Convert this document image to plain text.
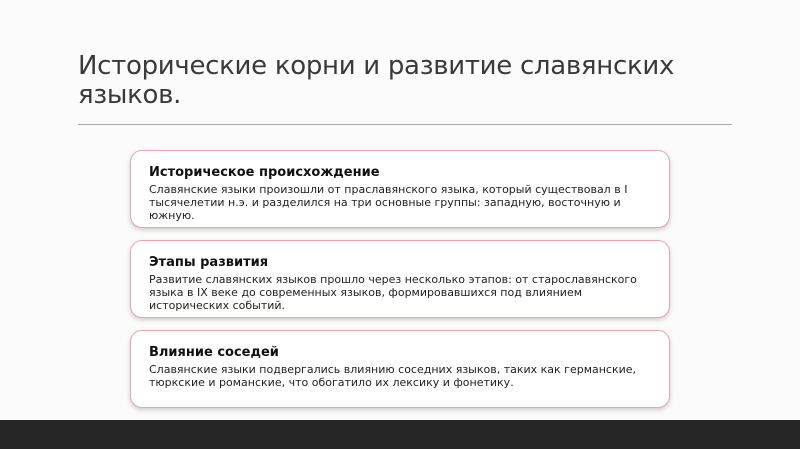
Исторические корни и развитие славянских языков.

Историческое происхождение

Славянские языки произошли от праславянского языка, который существовал в I тысячелетии н.э. и разделился на три основные группы: западную, восточную и южную.

Этапы развития

Развитие славянских языков прошло через несколько этапов: от старославянского языка в IX веке до современных языков, формировавшихся под влиянием исторических событий.

Влияние соседей

Славянские языки подвергались влиянию соседних языков, таких как германские, тюркские и романские, что обогатило их лексику и фонетику.
